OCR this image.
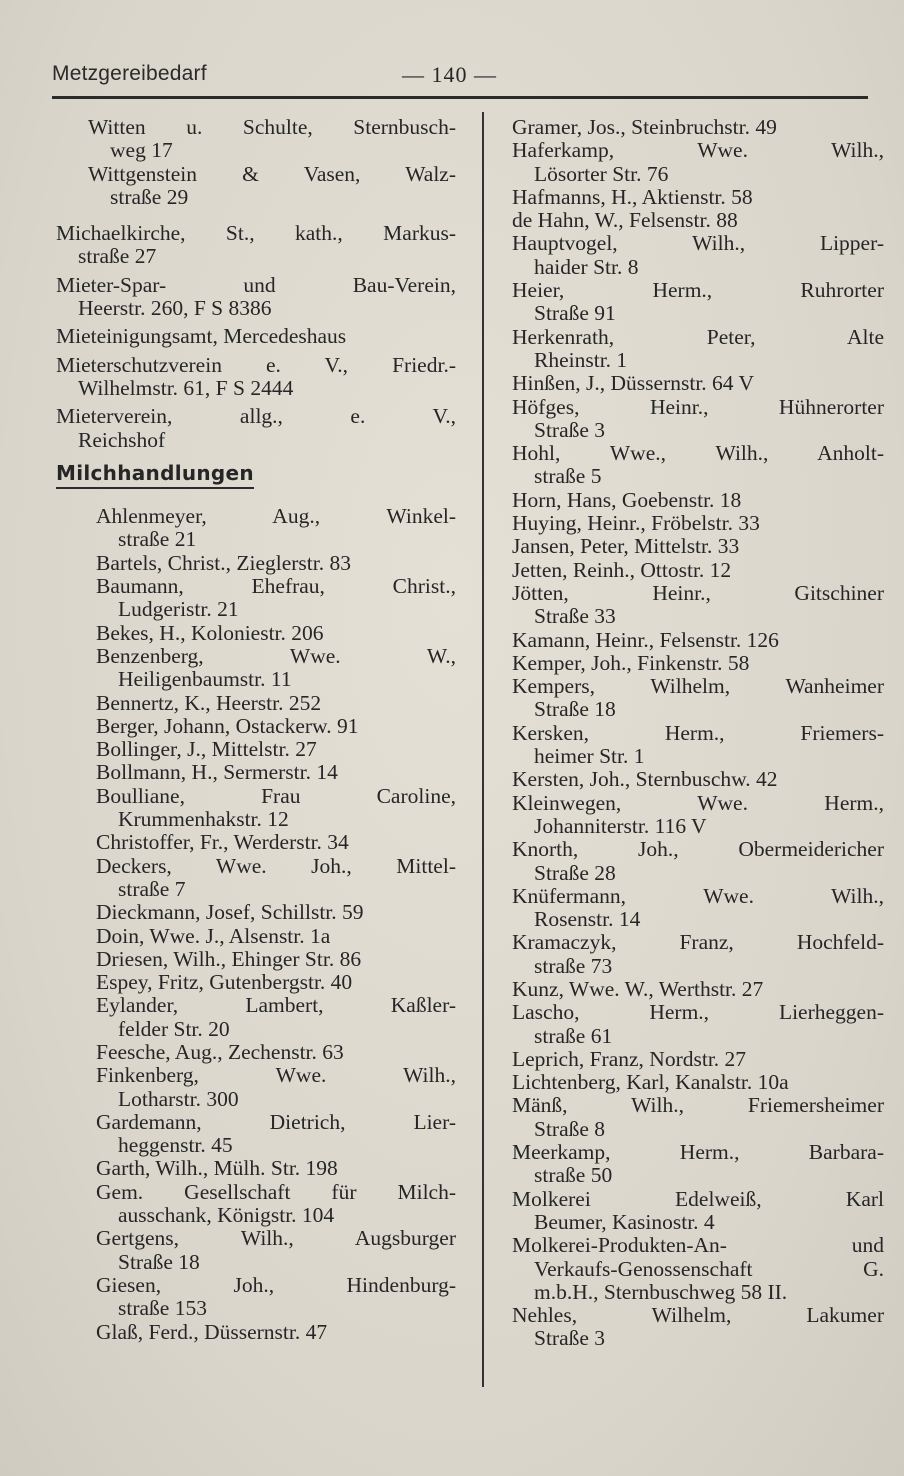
Metzgereibedarf	— 140 —
Witten u. Schulte, Sternbusch-
weg 17
Wittgenstein & Vasen, Walz-
straße 29
Michaelkirche, St., kath., Markus-
straße 27
Mieter-Spar- und Bau-Verein,
Heerstr. 260, F S 8386
Mieteinigungsamt, Mercedeshaus
Mieterschutzverein e. V., Friedr.-
Wilhelmstr. 61, F S 2444
Mieterverein, allg., e. V.,
Reichshof
Milchhandlungen
Ahlenmeyer, Aug., Winkel-
straße 21
Bartels, Christ., Zieglerstr. 83
Baumann, Ehefrau, Christ.,
Ludgeristr. 21
Bekes, H., Koloniestr. 206
Benzenberg, Wwe. W.,
Heiligenbaumstr. 11
Bennertz, K., Heerstr. 252
Berger, Johann, Ostackerw. 91
Bollinger, J., Mittelstr. 27
Bollmann, H., Sermerstr. 14
Boulliane, Frau Caroline,
Krummenhakstr. 12
Christoffer, Fr., Werderstr. 34
Deckers, Wwe. Joh., Mittel-
straße 7
Dieckmann, Josef, Schillstr. 59
Doin, Wwe. J., Alsenstr. 1a
Driesen, Wilh., Ehinger Str. 86
Espey, Fritz, Gutenbergstr. 40
Eylander, Lambert, Kaßler-
felder Str. 20
Feesche, Aug., Zechenstr. 63
Finkenberg, Wwe. Wilh.,
Lotharstr. 300
Gardemann, Dietrich, Lier-
heggenstr. 45
Garth, Wilh., Mülh. Str. 198
Gem. Gesellschaft für Milch-
ausschank, Königstr. 104
Gertgens, Wilh., Augsburger
Straße 18
Giesen, Joh., Hindenburg-
straße 153
Glaß, Ferd., Düssernstr. 47
Gramer, Jos., Steinbruchstr. 49
Haferkamp, Wwe. Wilh.,
Lösorter Str. 76
Hafmanns, H., Aktienstr. 58
de Hahn, W., Felsenstr. 88
Hauptvogel, Wilh., Lipper-
haider Str. 8
Heier, Herm., Ruhrorter
Straße 91
Herkenrath, Peter, Alte
Rheinstr. 1
Hinßen, J., Düssernstr. 64 V
Höfges, Heinr., Hühnerorter
Straße 3
Hohl, Wwe., Wilh., Anholt-
straße 5
Horn, Hans, Goebenstr. 18
Huying, Heinr., Fröbelstr. 33
Jansen, Peter, Mittelstr. 33
Jetten, Reinh., Ottostr. 12
Jötten, Heinr., Gitschiner
Straße 33
Kamann, Heinr., Felsenstr. 126
Kemper, Joh., Finkenstr. 58
Kempers, Wilhelm, Wanheimer
Straße 18
Kersken, Herm., Friemers-
heimer Str. 1
Kersten, Joh., Sternbuschw. 42
Kleinwegen, Wwe. Herm.,
Johanniterstr. 116 V
Knorth, Joh., Obermeidericher
Straße 28
Knüfermann, Wwe. Wilh.,
Rosenstr. 14
Kramaczyk, Franz, Hochfeld-
straße 73
Kunz, Wwe. W., Werthstr. 27
Lascho, Herm., Lierheggen-
straße 61
Leprich, Franz, Nordstr. 27
Lichtenberg, Karl, Kanalstr. 10a
Mänß, Wilh., Friemersheimer
Straße 8
Meerkamp, Herm., Barbara-
straße 50
Molkerei Edelweiß, Karl
Beumer, Kasinostr. 4
Molkerei-Produkten-An- und
Verkaufs-Genossenschaft G.
m.b.H., Sternbuschweg 58 II.
Nehles, Wilhelm, Lakumer
Straße 3
